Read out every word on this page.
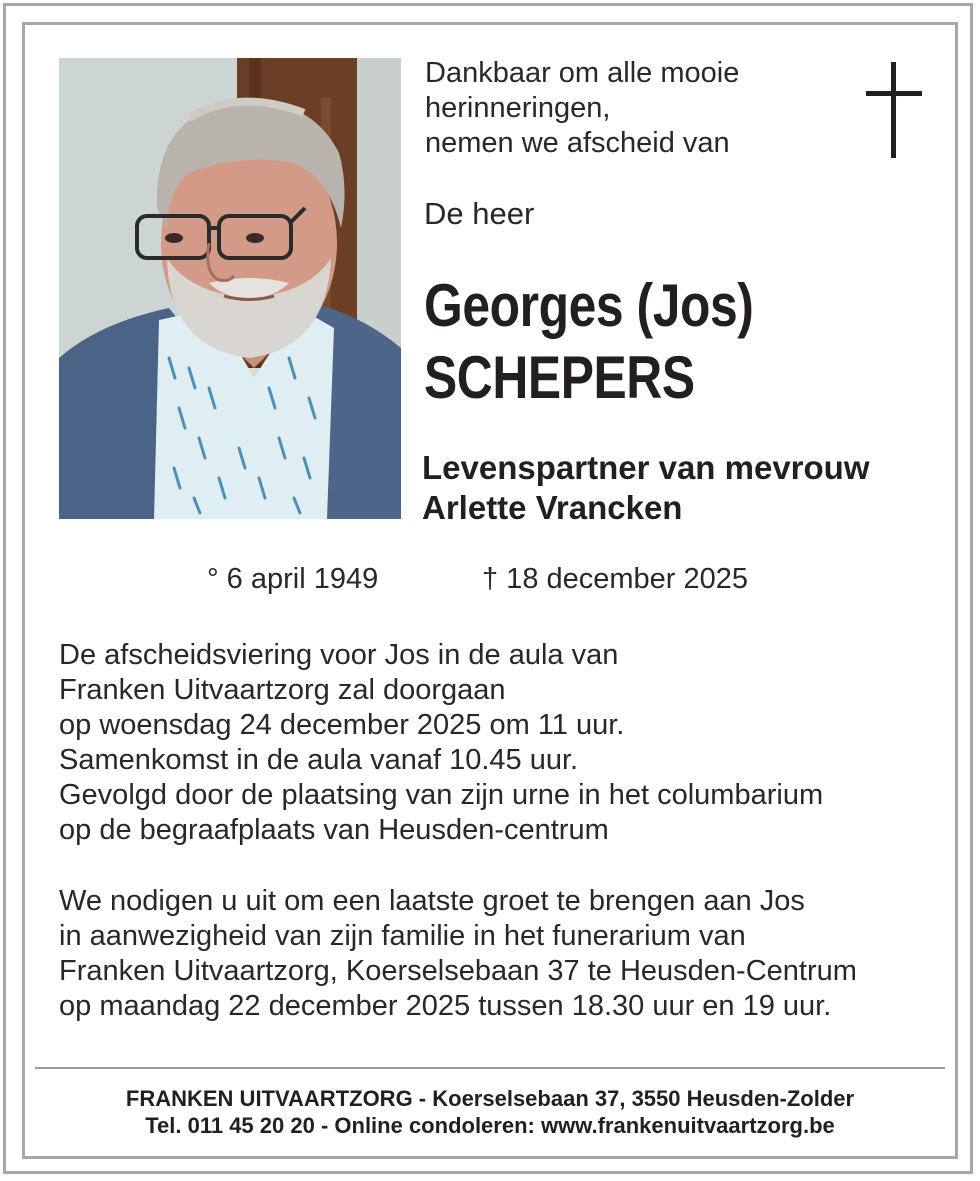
Dankbaar om alle mooie
herinneringen,
nemen we afscheid van
De heer
Georges (Jos)
SCHEPERS
Levenspartner van mevrouw
Arlette Vrancken
° 6 april 1949	† 18 december 2025
De afscheidsviering voor Jos in de aula van
Franken Uitvaartzorg zal doorgaan
op woensdag 24 december 2025 om 11 uur.
Samenkomst in de aula vanaf 10.45 uur.
Gevolgd door de plaatsing van zijn urne in het columbarium
op de begraafplaats van Heusden-centrum
We nodigen u uit om een laatste groet te brengen aan Jos
in aanwezigheid van zijn familie in het funerarium van
Franken Uitvaartzorg, Koerselsebaan 37 te Heusden-Centrum
op maandag 22 december 2025 tussen 18.30 uur en 19 uur.
FRANKEN UITVAARTZORG - Koerselsebaan 37, 3550 Heusden-Zolder
Tel. 011 45 20 20 - Online condoleren: www.frankenuitvaartzorg.be
